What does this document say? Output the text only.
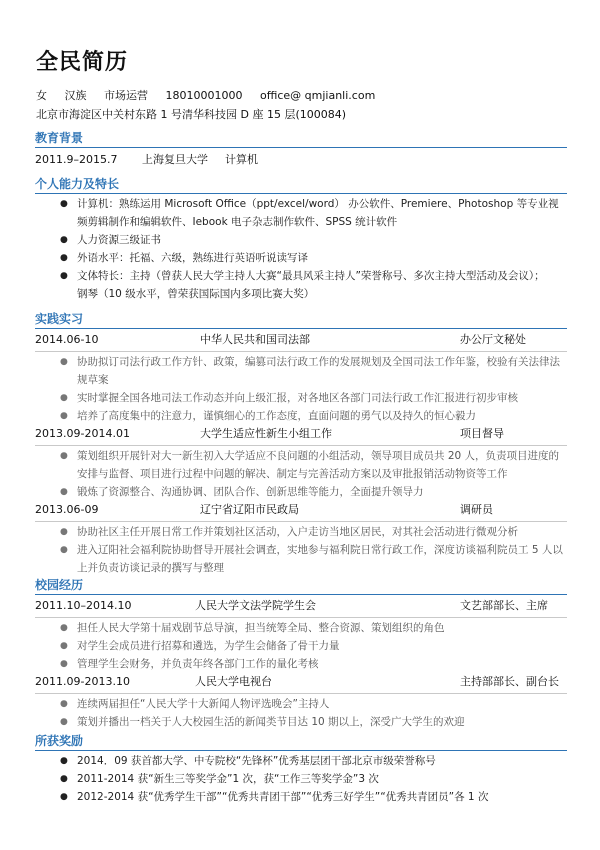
全民简历
女 汉族 市场运营 18010001000 office@ qmjianli.com
北京市海淀区中关村东路 1 号清华科技园 D 座 15 层(100084)
教育背景
2011.9–2015.7 上海复旦大学 计算机
个人能力及特长
● 计算机：熟练运用 Microsoft Office（ppt/excel/word） 办公软件、Premiere、Photoshop 等专业视
频剪辑制作和编辑软件、Iebook 电子杂志制作软件、SPSS 统计软件
● 人力资源三级证书
● 外语水平：托福、六级，熟练进行英语听说读写译
● 文体特长：主持（曾获人民大学主持人大赛“最具风采主持人”荣誉称号、多次主持大型活动及会议）；
钢琴（10 级水平，曾荣获国际国内多项比赛大奖）
实践实习
2014.06-10	中华人民共和国司法部	办公厅文秘处
● 协助拟订司法行政工作方针、政策，编篡司法行政工作的发展规划及全国司法工作年鉴，校验有关法律法
规草案
● 实时掌握全国各地司法工作动态并向上级汇报，对各地区各部门司法行政工作汇报进行初步审核
● 培养了高度集中的注意力，谨慎细心的工作态度，直面问题的勇气以及持久的恒心毅力
2013.09-2014.01	大学生适应性新生小组工作	项目督导
● 策划组织开展针对大一新生初入大学适应不良问题的小组活动，领导项目成员共 20 人，负责项目进度的
安排与监督、项目进行过程中问题的解决、制定与完善活动方案以及审批报销活动物资等工作
● 锻炼了资源整合、沟通协调、团队合作、创新思维等能力，全面提升领导力
2013.06-09	辽宁省辽阳市民政局	调研员
● 协助社区主任开展日常工作并策划社区活动，入户走访当地区居民，对其社会活动进行微观分析
● 进入辽阳社会福利院协助督导开展社会调查，实地参与福利院日常行政工作，深度访谈福利院员工 5 人以
上并负责访谈记录的撰写与整理
校园经历
2011.10–2014.10	人民大学文法学院学生会	文艺部部长、主席
● 担任人民大学第十届戏剧节总导演，担当统筹全局、整合资源、策划组织的角色
● 对学生会成员进行招募和遴选，为学生会储备了骨干力量
● 管理学生会财务，并负责年终各部门工作的量化考核
2011.09-2013.10	人民大学电视台	主持部部长、副台长
● 连续两届担任“人民大学十大新闻人物评选晚会”主持人
● 策划并播出一档关于人大校园生活的新闻类节目达 10 期以上，深受广大学生的欢迎
所获奖励
● 2014．09 获首都大学、中专院校“先锋杯”优秀基层团干部北京市级荣誉称号
● 2011-2014 获“新生三等奖学金”1 次，获“工作三等奖学金”3 次
● 2012-2014 获“优秀学生干部”“优秀共青团干部”“优秀三好学生”“优秀共青团员”各 1 次
